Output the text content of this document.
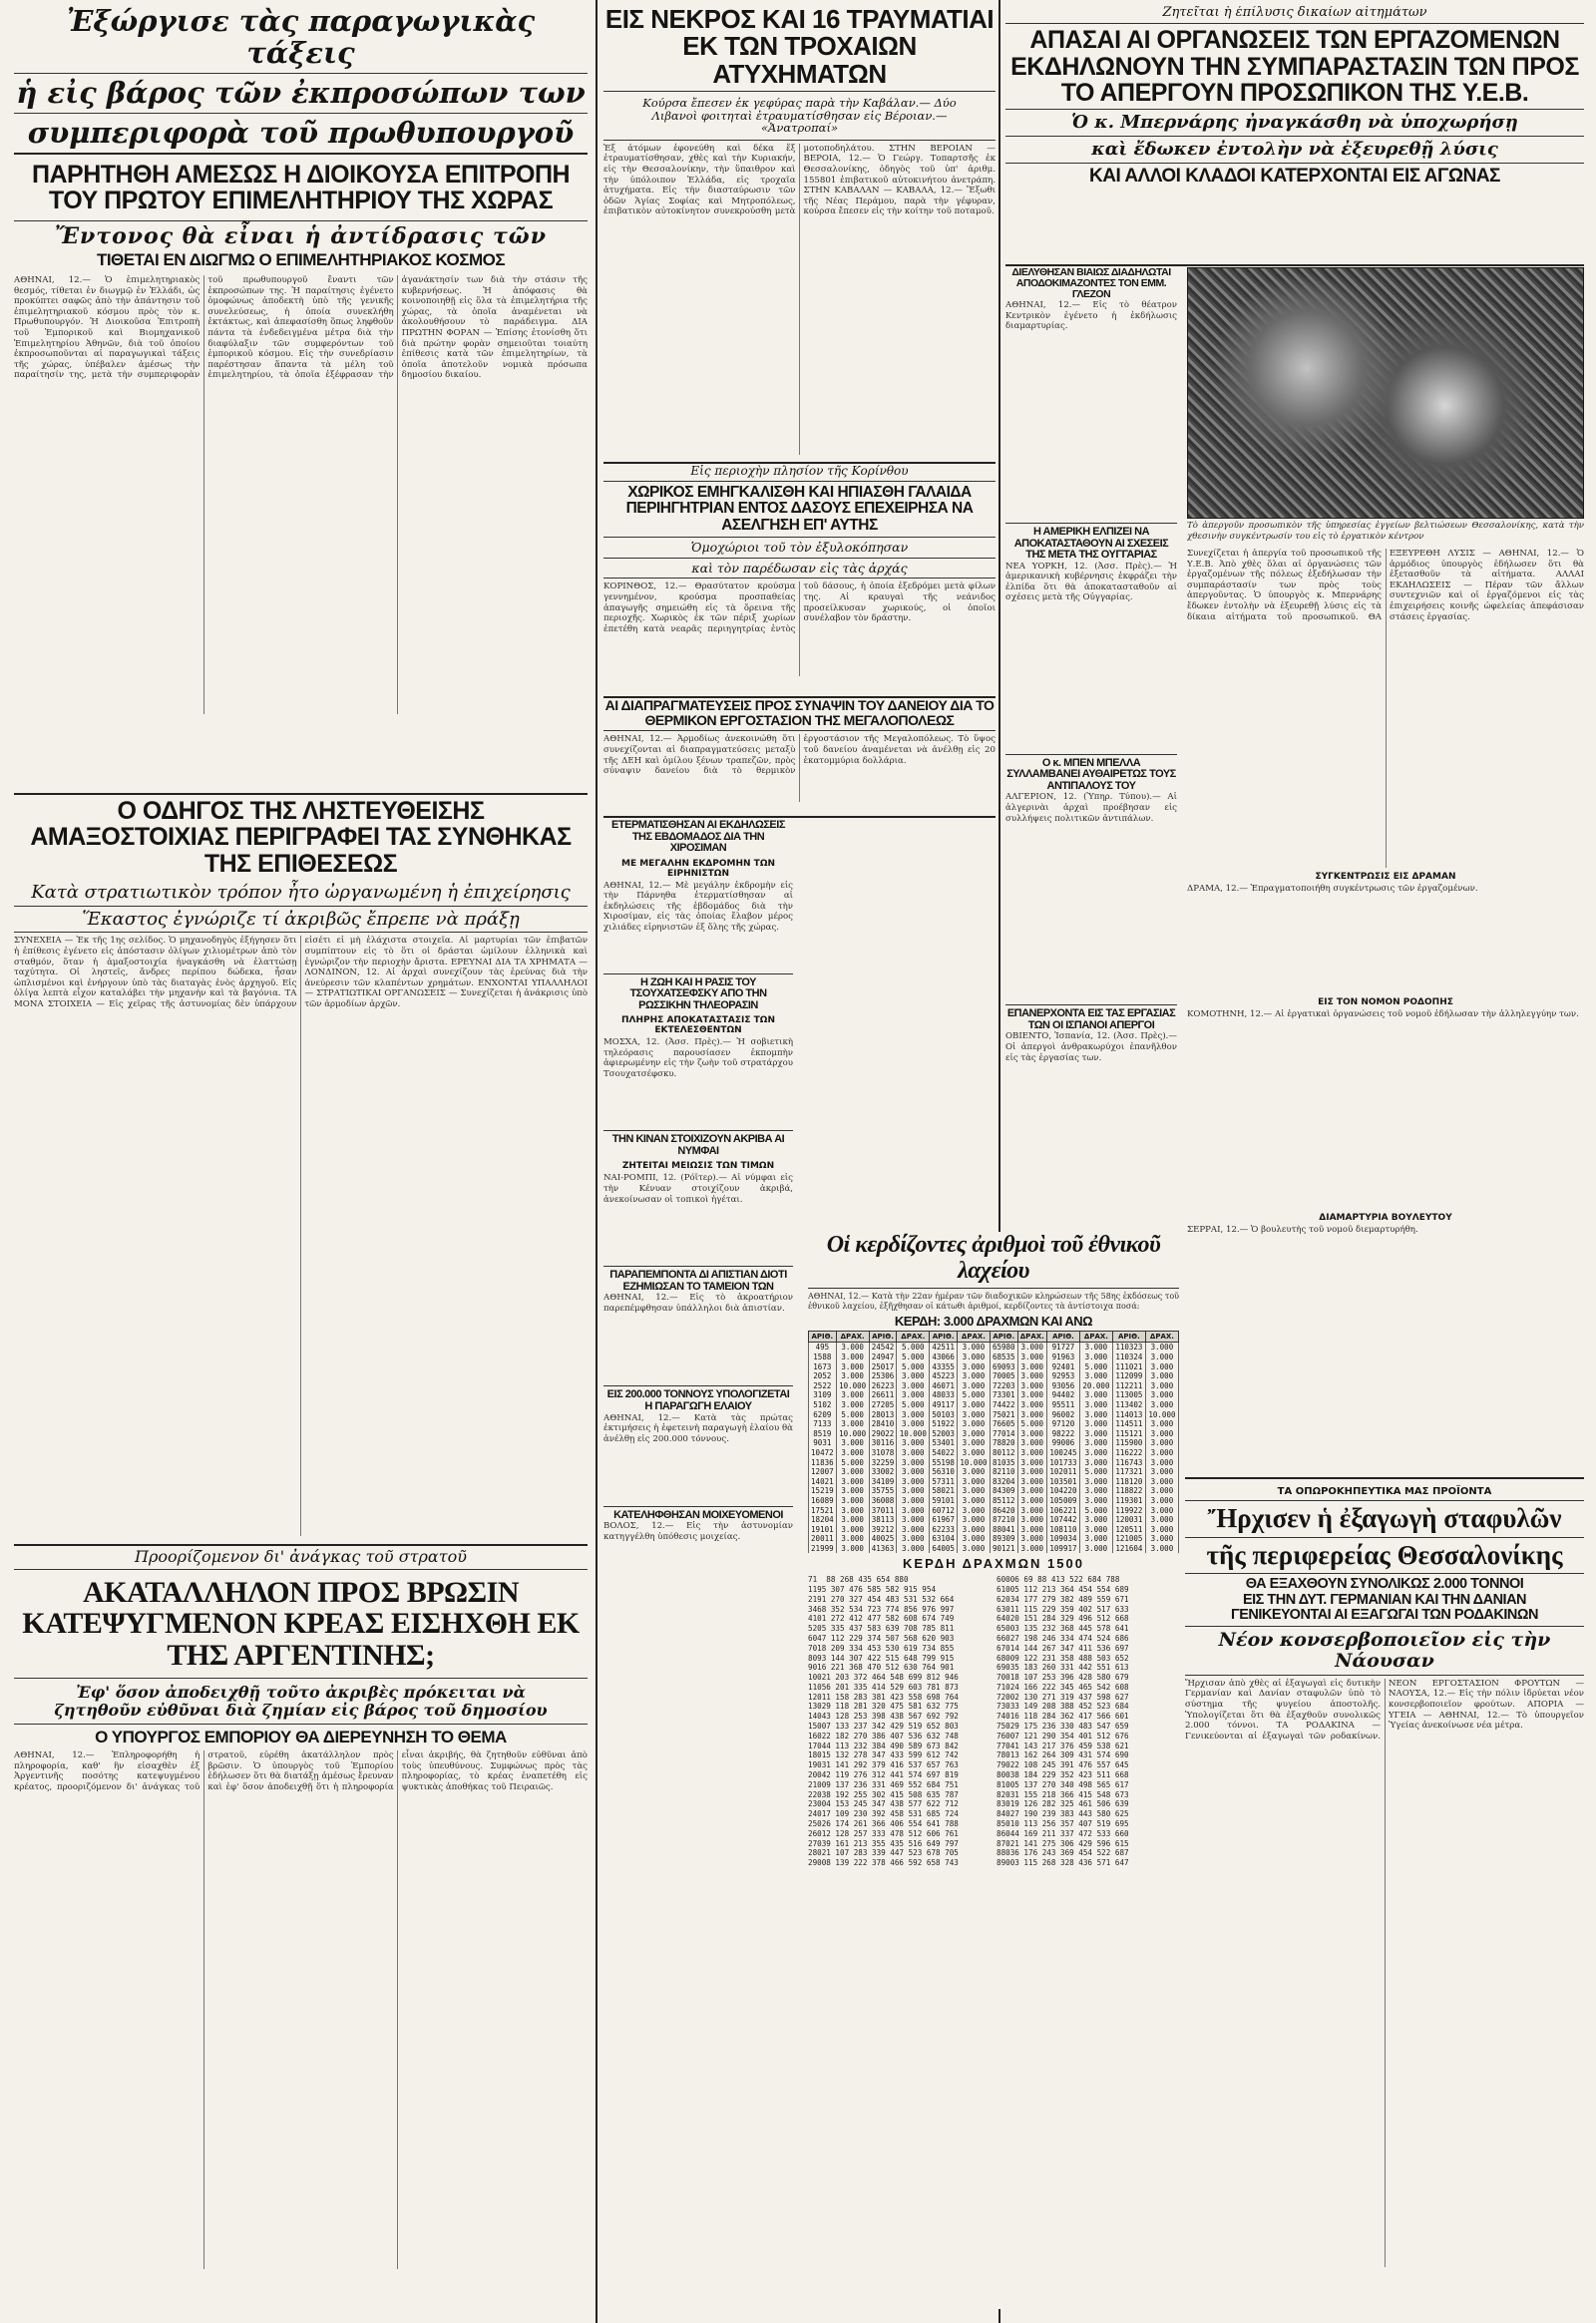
Ἐξώργισε τὰς παραγωγικὰς τάξεις

ἡ εἰς βάρος τῶν ἐκπροσώπων των

συμπεριφορὰ τοῦ πρωθυπουργοῦ

ΠΑΡΗΤΗΘΗ ΑΜΕΣΩΣ Η ΔΙΟΙΚΟΥΣΑ ΕΠΙΤΡΟΠΗ ΤΟΥ ΠΡΩΤΟΥ ΕΠΙΜΕΛΗΤΗΡΙΟΥ ΤΗΣ ΧΩΡΑΣ

Ἔντονος θὰ εἶναι ἡ ἀντίδρασις τῶν

ΤΙΘΕΤΑΙ ΕΝ ΔΙΩΓΜΩ Ο ΕΠΙΜΕΛΗΤΗΡΙΑΚΟΣ ΚΟΣΜΟΣ

ΑΘΗΝΑΙ, 12.— Ὁ ἐπιμελητηριακὸς θεσμός, τίθεται ἐν διωγμῷ ἐν Ἑλλάδι, ὡς προκύπτει σαφῶς ἀπὸ τὴν ἀπάντησιν τοῦ ἐπιμελητηριακοῦ κόσμου πρὸς τὸν κ. Πρωθυπουργόν. Ἡ Διοικοῦσα Ἐπιτροπὴ τοῦ Ἐμπορικοῦ καὶ Βιομηχανικοῦ Ἐπιμελητηρίου Ἀθηνῶν, διὰ τοῦ ὁποίου ἐκπροσωποῦνται αἱ παραγωγικαὶ τάξεις τῆς χώρας, ὑπέβαλεν ἀμέσως τὴν παραίτησίν της, μετὰ τὴν συμπεριφορὰν τοῦ πρωθυπουργοῦ ἔναντι τῶν ἐκπροσώπων της. Ἡ παραίτησις ἐγένετο ὁμοφώνως ἀποδεκτὴ ὑπὸ τῆς γενικῆς συνελεύσεως, ἡ ὁποία συνεκλήθη ἐκτάκτως, καὶ ἀπεφασίσθη ὅπως ληφθοῦν πάντα τὰ ἐνδεδειγμένα μέτρα διὰ τὴν διαφύλαξιν τῶν συμφερόντων τοῦ ἐμπορικοῦ κόσμου. Εἰς τὴν συνεδρίασιν παρέστησαν ἅπαντα τὰ μέλη τοῦ ἐπιμελητηρίου, τὰ ὁποῖα ἐξέφρασαν τὴν ἀγανάκτησίν των διὰ τὴν στάσιν τῆς κυβερνήσεως. Ἡ ἀπόφασις θὰ κοινοποιηθῇ εἰς ὅλα τὰ ἐπιμελητήρια τῆς χώρας, τὰ ὁποῖα ἀναμένεται νὰ ἀκολουθήσουν τὸ παράδειγμα. ΔΙΑ ΠΡΩΤΗΝ ΦΟΡΑΝ — Ἐπίσης ἐτονίσθη ὅτι διὰ πρώτην φορὰν σημειοῦται τοιαύτη ἐπίθεσις κατὰ τῶν ἐπιμελητηρίων, τὰ ὁποῖα ἀποτελοῦν νομικὰ πρόσωπα δημοσίου δικαίου.

Ο ΟΔΗΓΟΣ ΤΗΣ ΛΗΣΤΕΥΘΕΙΣΗΣ ΑΜΑΞΟΣΤΟΙΧΙΑΣ ΠΕΡΙΓΡΑΦΕΙ ΤΑΣ ΣΥΝΘΗΚΑΣ ΤΗΣ ΕΠΙΘΕΣΕΩΣ

Κατὰ στρατιωτικὸν τρόπον ἦτο ὠργανωμένη ἡ ἐπιχείρησις

Ἕκαστος ἐγνώριζε τί ἀκριβῶς ἔπρεπε νὰ πράξῃ

ΣΥΝΕΧΕΙΑ — Ἐκ τῆς 1ης σελίδος. Ὁ μηχανοδηγὸς ἐξήγησεν ὅτι ἡ ἐπίθεσις ἐγένετο εἰς ἀπόστασιν ὀλίγων χιλιομέτρων ἀπὸ τὸν σταθμόν, ὅταν ἡ ἀμαξοστοιχία ἠναγκάσθη νὰ ἐλαττώσῃ ταχύτητα. Οἱ ληστεῖς, ἄνδρες περίπου δώδεκα, ἦσαν ὡπλισμένοι καὶ ἐνήργουν ὑπὸ τὰς διαταγὰς ἑνὸς ἀρχηγοῦ. Εἰς ὀλίγα λεπτὰ εἶχον καταλάβει τὴν μηχανὴν καὶ τὰ βαγόνια. ΤΑ ΜΟΝΑ ΣΤΟΙΧΕΙΑ — Εἰς χεῖρας τῆς ἀστυνομίας δὲν ὑπάρχουν εἰσέτι εἰ μὴ ἐλάχιστα στοιχεῖα. Αἱ μαρτυρίαι τῶν ἐπιβατῶν συμπίπτουν εἰς τὸ ὅτι οἱ δράσται ὡμίλουν ἑλληνικὰ καὶ ἐγνώριζον τὴν περιοχὴν ἄριστα. ΕΡΕΥΝΑΙ ΔΙΑ ΤΑ ΧΡΗΜΑΤΑ — ΛΟΝΔΙΝΟΝ, 12. Αἱ ἀρχαὶ συνεχίζουν τὰς ἐρεύνας διὰ τὴν ἀνεύρεσιν τῶν κλαπέντων χρημάτων. ΕΝΧΟΝΤΑΙ ΥΠΑΛΛΗΛΟΙ — ΣΤΡΑΤΙΩΤΙΚΑΙ ΟΡΓΑΝΩΣΕΙΣ — Συνεχίζεται ἡ ἀνάκρισις ὑπὸ τῶν ἁρμοδίων ἀρχῶν.

Προορίζομενον δι' ἀνάγκας τοῦ στρατοῦ

ΑΚΑΤΑΛΛΗΛΟΝ ΠΡΟΣ ΒΡΩΣΙΝ ΚΑΤΕΨΥΓΜΕΝΟΝ ΚΡΕΑΣ ΕΙΣΗΧΘΗ ΕΚ ΤΗΣ ΑΡΓΕΝΤΙΝΗΣ;

Ἐφ' ὅσον ἀποδειχθῇ τοῦτο ἀκριβὲς πρόκειται νὰ ζητηθοῦν εὐθῦναι διὰ ζημίαν εἰς βάρος τοῦ δημοσίου

Ο ΥΠΟΥΡΓΟΣ ΕΜΠΟΡΙΟΥ ΘΑ ΔΙΕΡΕΥΝΗΣΗ ΤΟ ΘΕΜΑ

ΑΘΗΝΑΙ, 12.— Ἐπληροφορήθη ἡ πληροφορία, καθ' ἣν εἰσαχθὲν ἐξ Ἀργεντινῆς ποσότης κατεψυγμένου κρέατος, προοριζόμενον δι' ἀνάγκας τοῦ στρατοῦ, εὑρέθη ἀκατάλληλον πρὸς βρῶσιν. Ὁ ὑπουργὸς τοῦ Ἐμπορίου ἐδήλωσεν ὅτι θὰ διατάξῃ ἀμέσως ἔρευναν καὶ ἐφ' ὅσον ἀποδειχθῇ ὅτι ἡ πληροφορία εἶναι ἀκριβής, θὰ ζητηθοῦν εὐθῦναι ἀπὸ τοὺς ὑπευθύνους. Συμφώνως πρὸς τὰς πληροφορίας, τὸ κρέας ἐναπετέθη εἰς ψυκτικὰς ἀποθήκας τοῦ Πειραιῶς.

ΕΙΣ ΝΕΚΡΟΣ ΚΑΙ 16 ΤΡΑΥΜΑΤΙΑΙ ΕΚ ΤΩΝ ΤΡΟΧΑΙΩΝ ΑΤΥΧΗΜΑΤΩΝ

Κούρσα ἔπεσεν ἐκ γεφύρας παρὰ τὴν Καβάλαν.— Δύο Λιβανοὶ φοιτηταὶ ἐτραυματίσθησαν εἰς Βέροιαν.— «Ἀνατροπαί»

Ἐξ ἀτόμων ἐφονεύθη καὶ δέκα ἕξ ἐτραυματίσθησαν, χθὲς καὶ τὴν Κυριακήν, εἰς τὴν Θεσσαλονίκην, τὴν ὕπαιθρον καὶ τὴν ὑπόλοιπον Ἑλλάδα, εἰς τροχαῖα ἀτυχήματα. Εἰς τὴν διασταύρωσιν τῶν ὁδῶν Ἁγίας Σοφίας καὶ Μητροπόλεως, ἐπιβατικὸν αὐτοκίνητον συνεκρούσθη μετὰ μοτοποδηλάτου. ΣΤΗΝ ΒΕΡΟΙΑΝ — ΒΕΡΟΙΑ, 12.— Ὁ Γεώργ. Τοπαρτσῆς ἐκ Θεσσαλονίκης, ὁδηγὸς τοῦ ὑπ' ἀριθμ. 155801 ἐπιβατικοῦ αὐτοκινήτου ἀνετράπη. ΣΤΗΝ ΚΑΒΑΛΑΝ — ΚΑΒΑΛΑ, 12.— Ἔξωθι τῆς Νέας Περάμου, παρὰ τὴν γέφυραν, κούρσα ἔπεσεν εἰς τὴν κοίτην τοῦ ποταμοῦ.

Εἰς περιοχὴν πλησίον τῆς Κορίνθου

ΧΩΡΙΚΟΣ ΕΜΗΓΚΑΛΙΣΘΗ ΚΑΙ ΗΠΙΑΣΘΗ ΓΑΛΑΙΔΑ ΠΕΡΙΗΓΗΤΡΙΑΝ ΕΝΤΟΣ ΔΑΣΟΥΣ ΕΠΕΧΕΙΡΗΣΑ ΝΑ ΑΣΕΛΓΗΣΗ ΕΠ' ΑΥΤΗΣ

Ὁμοχώριοι τοῦ τὸν ἐξυλοκόπησαν

καὶ τὸν παρέδωσαν εἰς τὰς ἀρχάς

ΚΟΡΙΝΘΟΣ, 12.— Θρασύτατον κρούσμα γεννημένον, κρούσμα προσπαθείας ἀπαγωγῆς σημειώθη εἰς τὰ ὄρεινα τῆς περιοχῆς. Χωρικὸς ἐκ τῶν πέριξ χωρίων ἐπετέθη κατὰ νεαρᾶς περιηγητρίας ἐντὸς τοῦ δάσους, ἡ ὁποία ἐξεδρόμει μετὰ φίλων της. Αἱ κραυγαὶ τῆς νεάνιδος προσείλκυσαν χωρικούς, οἱ ὁποῖοι συνέλαβον τὸν δράστην.

ΑΙ ΔΙΑΠΡΑΓΜΑΤΕΥΣΕΙΣ ΠΡΟΣ ΣΥΝΑΨΙΝ ΤΟΥ ΔΑΝΕΙΟΥ ΔΙΑ ΤΟ ΘΕΡΜΙΚΟΝ ΕΡΓΟΣΤΑΣΙΟΝ ΤΗΣ ΜΕΓΑΛΟΠΟΛΕΩΣ

ΑΘΗΝΑΙ, 12.— Ἀρμοδίως ἀνεκοινώθη ὅτι συνεχίζονται αἱ διαπραγματεύσεις μεταξὺ τῆς ΔΕΗ καὶ ὁμίλου ξένων τραπεζῶν, πρὸς σύναψιν δανείου διὰ τὸ θερμικὸν ἐργοστάσιον τῆς Μεγαλοπόλεως. Τὸ ὕψος τοῦ δανείου ἀναμένεται νὰ ἀνέλθῃ εἰς 20 ἑκατομμύρια δολλάρια.

ΕΤΕΡΜΑΤΙΣΘΗΣΑΝ ΑΙ ΕΚΔΗΛΩΣΕΙΣ ΤΗΣ ΕΒΔΟΜΑΔΟΣ ΔΙΑ ΤΗΝ ΧΙΡΟΣΙΜΑΝ

ΜΕ ΜΕΓΑΛΗΝ ΕΚΔΡΟΜΗΝ ΤΩΝ ΕΙΡΗΝΙΣΤΩΝ

ΑΘΗΝΑΙ, 12.— Μὲ μεγάλην ἐκδρομὴν εἰς τὴν Πάρνηθα ἐτερματίσθησαν αἱ ἐκδηλώσεις τῆς ἑβδομάδος διὰ τὴν Χιροσίμαν, εἰς τὰς ὁποίας ἔλαβον μέρος χιλιάδες εἰρηνιστῶν ἐξ ὅλης τῆς χώρας.

Η ΖΩΗ ΚΑΙ Η ΡΑΣΙΣ ΤΟΥ ΤΣΟΥΧΑΤΣΕΦΣΚΥ ΑΠΟ ΤΗΝ ΡΩΣΣΙΚΗΝ ΤΗΛΕΟΡΑΣΙΝ

ΠΛΗΡΗΣ ΑΠΟΚΑΤΑΣΤΑΣΙΣ ΤΩΝ ΕΚΤΕΛΕΣΘΕΝΤΩΝ

ΜΟΣΧΑ, 12. (Ἀσσ. Πρὲς).— Ἡ σοβιετικὴ τηλεόρασις παρουσίασεν ἐκπομπὴν ἀφιερωμένην εἰς τὴν ζωὴν τοῦ στρατάρχου Τσουχατσέφσκυ.

ΤΗΝ ΚΙΝΑΝ ΣΤΟΙΧΙΖΟΥΝ ΑΚΡΙΒΑ ΑΙ ΝΥΜΦΑΙ

ΖΗΤΕΙΤΑΙ ΜΕΙΩΣΙΣ ΤΩΝ ΤΙΜΩΝ

ΝΑΙ-ΡΟΜΠΙ, 12. (Ρόϊτερ).— Αἱ νύμφαι εἰς τὴν Κένυαν στοιχίζουν ἀκριβά, ἀνεκοίνωσαν οἱ τοπικοὶ ἡγέται.

ΠΑΡΑΠΕΜΠΟΝΤΑ ΔΙ ΑΠΙΣΤΙΑΝ ΔΙΟΤΙ ΕΖΗΜΙΩΣΑΝ ΤΟ ΤΑΜΕΙΟΝ ΤΩΝ

ΑΘΗΝΑΙ, 12.— Εἰς τὸ ἀκροατήριον παρεπέμφθησαν ὑπάλληλοι διὰ ἀπιστίαν.

ΕΙΣ 200.000 ΤΟΝΝΟΥΣ ΥΠΟΛΟΓΙΖΕΤΑΙ Η ΠΑΡΑΓΩΓΗ ΕΛΑΙΟΥ

ΑΘΗΝΑΙ, 12.— Κατὰ τὰς πρώτας ἐκτιμήσεις ἡ ἐφετεινὴ παραγωγὴ ἐλαίου θὰ ἀνέλθῃ εἰς 200.000 τόννους.

ΚΑΤΕΛΗΦΘΗΣΑΝ ΜΟΙΧΕΥΟΜΕΝΟΙ

ΒΟΛΟΣ, 12.— Εἰς τὴν ἀστυνομίαν κατηγγέλθη ὑπόθεσις μοιχείας.

Οἱ κερδίζοντες ἀριθμοὶ τοῦ ἐθνικοῦ λαχείου

ΑΘΗΝΑΙ, 12.— Κατὰ τὴν 22αν ἡμέραν τῶν διαδοχικῶν κληρώσεων τῆς 58ης ἐκδόσεως τοῦ ἐθνικοῦ λαχείου, ἐξῆχθησαν οἱ κάτωθι ἀριθμοί, κερδίζοντες τὰ ἀντίστοιχα ποσά:

ΚΕΡΔΗ: 3.000 ΔΡΑΧΜΩΝ ΚΑΙ ΑΝΩ

ΑΡΙΘ.	ΔΡΑΧ.	ΑΡΙΘ.	ΔΡΑΧ.	ΑΡΙΘ.	ΔΡΑΧ.	ΑΡΙΘ.	ΔΡΑΧ.	ΑΡΙΘ.	ΔΡΑΧ.	ΑΡΙΘ.	ΔΡΑΧ.
495	3.000	24542	5.000	42511	3.000	65980	3.000	91727	3.000	110323	3.000
1588	3.000	24947	5.000	43066	3.000	68535	3.000	91963	3.000	110324	3.000
1673	3.000	25017	5.000	43355	3.000	69093	3.000	92401	5.000	111021	3.000
2052	3.000	25306	3.000	45223	3.000	70005	3.000	92953	3.000	112099	3.000
2522	10.000	26223	3.000	46071	3.000	72203	3.000	93056	20.000	112211	3.000
3109	3.000	26611	3.000	48033	5.000	73301	3.000	94402	3.000	113005	3.000
5102	3.000	27205	5.000	49117	3.000	74422	3.000	95511	3.000	113402	3.000
6209	5.000	28013	3.000	50103	3.000	75021	3.000	96002	3.000	114013	10.000
7133	3.000	28410	3.000	51922	3.000	76605	5.000	97120	3.000	114511	3.000
8519	10.000	29022	10.000	52003	3.000	77014	3.000	98222	3.000	115121	3.000
9031	3.000	30116	3.000	53401	3.000	78820	3.000	99006	3.000	115900	3.000
10472	3.000	31078	3.000	54022	3.000	80112	3.000	100245	3.000	116222	3.000
11836	5.000	32259	3.000	55198	10.000	81035	3.000	101733	3.000	116743	3.000
12007	3.000	33002	3.000	56310	3.000	82110	3.000	102011	5.000	117321	3.000
14021	3.000	34109	3.000	57311	3.000	83204	3.000	103501	3.000	118120	3.000
15219	3.000	35755	3.000	58021	3.000	84309	3.000	104220	3.000	118822	3.000
16089	3.000	36008	3.000	59101	3.000	85112	3.000	105009	3.000	119301	3.000
17521	3.000	37011	3.000	60712	3.000	86420	3.000	106221	5.000	119922	3.000
18204	3.000	38113	3.000	61967	3.000	87210	3.000	107442	3.000	120031	3.000
19101	3.000	39212	3.000	62233	3.000	88041	3.000	108110	3.000	120511	3.000
20011	3.000	40025	3.000	63104	3.000	89309	3.000	109034	3.000	121005	3.000
21999	3.000	41363	3.000	64005	3.000	90121	3.000	109917	3.000	121604	3.000

ΚΕΡΔΗ ΔΡΑΧΜΩΝ 1500

71  88 268 435 654 880
1195 307 476 585 582 915 954
2191 270 327 454 483 531 532 664
3468 352 534 723 774 856 976 997
4101 272 412 477 582 608 674 749
5205 335 437 583 639 708 785 811
6047 112 229 374 507 568 620 903
7018 209 334 453 530 619 734 855
8093 144 307 422 515 648 799 915
9016 221 368 470 512 630 764 901
10021 203 372 464 548 699 812 946
11056 201 335 414 529 603 781 873
12011 158 283 381 423 558 698 764
13029 118 281 320 475 581 632 775
14043 128 253 398 438 567 692 792
15007 133 237 342 429 519 652 803
16022 182 270 386 407 536 632 748
17044 113 232 384 490 589 673 842
18015 132 278 347 433 599 612 742
19031 141 292 379 416 537 657 763
20042 119 276 312 441 574 697 819
21009 137 236 331 469 552 684 751
22038 192 255 302 415 508 635 787
23004 153 245 347 438 577 622 712
24017 109 230 392 458 531 685 724
25026 174 261 366 406 554 641 788
26012 128 257 333 478 512 606 761
27039 161 213 355 435 516 649 797
28021 107 283 339 447 523 678 705
29008 139 222 378 466 592 658 743

60006 69 88 413 522 684 788
61005 112 213 364 454 554 689
62034 177 279 382 489 559 671
63011 115 229 359 402 517 633
64020 151 284 329 496 512 668
65003 135 232 368 445 578 641
66027 198 246 334 474 524 686
67014 144 267 347 411 536 697
68009 122 231 358 488 503 652
69035 183 260 331 442 551 613
70018 107 253 396 428 580 679
71024 166 222 345 465 542 608
72002 130 271 319 437 598 627
73033 149 208 388 452 523 684
74016 118 284 362 417 566 601
75029 175 236 330 483 547 659
76007 121 290 354 401 512 676
77041 143 217 376 459 538 621
78013 162 264 309 431 574 690
79022 108 245 391 476 557 645
80038 184 229 352 423 511 668
81005 137 270 340 498 565 617
82031 155 218 366 415 548 673
83019 126 282 325 461 506 639
84027 190 239 383 443 580 625
85010 113 256 357 407 519 695
86044 169 211 337 472 533 660
87021 141 275 306 429 596 615
88036 176 243 369 454 522 687
89003 115 268 328 436 571 647

Ζητεῖται ἡ ἐπίλυσις δικαίων αἰτημάτων

ΑΠΑΣΑΙ ΑΙ ΟΡΓΑΝΩΣΕΙΣ ΤΩΝ ΕΡΓΑΖΟΜΕΝΩΝ ΕΚΔΗΛΩΝΟΥΝ ΤΗΝ ΣΥΜΠΑΡΑΣΤΑΣΙΝ ΤΩΝ ΠΡΟΣ ΤΟ ΑΠΕΡΓΟΥΝ ΠΡΟΣΩΠΙΚΟΝ ΤΗΣ Υ.Ε.Β.

Ὁ κ. Μπερνάρης ἠναγκάσθη νὰ ὑποχωρήσῃ

καὶ ἔδωκεν ἐντολὴν νὰ ἐξευρεθῇ λύσις

ΚΑΙ ΑΛΛΟΙ ΚΛΑΔΟΙ ΚΑΤΕΡΧΟΝΤΑΙ ΕΙΣ ΑΓΩΝΑΣ

ΔΙΕΛΥΘΗΣΑΝ ΒΙΑΙΩΣ ΔΙΑΔΗΛΩΤΑΙ ΑΠΟΔΟΚΙΜΑΖΟΝΤΕΣ ΤΟΝ ΕΜΜ. ΓΛΕΖΟΝ

ΑΘΗΝΑΙ, 12.— Εἰς τὸ θέατρον Κεντρικὸν ἐγένετο ἡ ἐκδήλωσις διαμαρτυρίας.

Η ΑΜΕΡΙΚΗ ΕΛΠΙΖΕΙ ΝΑ ΑΠΟΚΑΤΑΣΤΑΘΟΥΝ ΑΙ ΣΧΕΣΕΙΣ ΤΗΣ ΜΕΤΑ ΤΗΣ ΟΥΓΓΑΡΙΑΣ

ΝΕΑ ΥΟΡΚΗ, 12. (Ἀσσ. Πρὲς).— Ἡ ἀμερικανικὴ κυβέρνησις ἐκφράζει τὴν ἐλπίδα ὅτι θὰ ἀποκατασταθοῦν αἱ σχέσεις μετὰ τῆς Οὐγγαρίας.

Ο κ. ΜΠΕΝ ΜΠΕΛΛΑ ΣΥΛΛΑΜΒΑΝΕΙ ΑΥΘΑΙΡΕΤΩΣ ΤΟΥΣ ΑΝΤΙΠΑΛΟΥΣ ΤΟΥ

ΑΛΓΕΡΙΟΝ, 12. (Ὑπηρ. Τύπου).— Αἱ ἀλγερινὰι ἀρχαὶ προέβησαν εἰς συλλήψεις πολιτικῶν ἀντιπάλων.

ΕΠΑΝΕΡΧΟΝΤΑ ΕΙΣ ΤΑΣ ΕΡΓΑΣΙΑΣ ΤΩΝ ΟΙ ΙΣΠΑΝΟΙ ΑΠΕΡΓΟΙ

ΟΒΙΕΝΤΟ, Ἰσπανία, 12. (Ἀσσ. Πρὲς).— Οἱ ἀπεργοὶ ἀνθρακωρύχοι ἐπανῆλθον εἰς τὰς ἐργασίας των.

Τὸ ἀπεργοῦν προσωπικὸν τῆς ὑπηρεσίας ἐγγείων βελτιώσεων Θεσσαλονίκης, κατὰ τὴν χθεσινὴν συγκέντρωσίν του εἰς τὸ ἐργατικὸν κέντρον

Συνεχίζεται ἡ ἀπεργία τοῦ προσωπικοῦ τῆς Υ.Ε.Β. Ἀπὸ χθὲς ὅλαι αἱ ὀργανώσεις τῶν ἐργαζομένων τῆς πόλεως ἐξεδήλωσαν τὴν συμπαράστασίν των πρὸς τοὺς ἀπεργοῦντας. Ὁ ὑπουργὸς κ. Μπερνάρης ἔδωκεν ἐντολὴν νὰ ἐξευρεθῇ λύσις εἰς τὰ δίκαια αἰτήματα τοῦ προσωπικοῦ. ΘΑ ΕΞΕΥΡΕΘΗ ΛΥΣΙΣ — ΑΘΗΝΑΙ, 12.— Ὁ ἀρμόδιος ὑπουργὸς ἐδήλωσεν ὅτι θὰ ἐξετασθοῦν τὰ αἰτήματα. ΑΛΛΑΙ ΕΚΔΗΛΩΣΕΙΣ — Πέραν τῶν ἄλλων συντεχνιῶν καὶ οἱ ἐργαζόμενοι εἰς τὰς ἐπιχειρήσεις κοινῆς ὠφελείας ἀπεφάσισαν στάσεις ἐργασίας.

ΣΥΓΚΕΝΤΡΩΣΙΣ ΕΙΣ ΔΡΑΜΑΝ

ΔΡΑΜΑ, 12.— Ἐπραγματοποιήθη συγκέντρωσις τῶν ἐργαζομένων.

ΕΙΣ ΤΟΝ ΝΟΜΟΝ ΡΟΔΟΠΗΣ

ΚΟΜΟΤΗΝΗ, 12.— Αἱ ἐργατικαὶ ὀργανώσεις τοῦ νομοῦ ἐδήλωσαν τὴν ἀλληλεγγύην των.

ΔΙΑΜΑΡΤΥΡΙΑ ΒΟΥΛΕΥΤΟΥ

ΣΕΡΡΑΙ, 12.— Ὁ βουλευτὴς τοῦ νομοῦ διεμαρτυρήθη.

ΤΑ ΟΠΩΡΟΚΗΠΕΥΤΙΚΑ ΜΑΣ ΠΡΟΪΟΝΤΑ

Ἤρχισεν ἡ ἐξαγωγὴ σταφυλῶν

τῆς περιφερείας Θεσσαλονίκης

ΘΑ ΕΞΑΧΘΟΥΝ ΣΥΝΟΛΙΚΩΣ 2.000 ΤΟΝΝΟΙ

ΕΙΣ ΤΗΝ ΔΥΤ. ΓΕΡΜΑΝΙΑΝ ΚΑΙ ΤΗΝ ΔΑΝΙΑΝ

ΓΕΝΙΚΕΥΟΝΤΑΙ ΑΙ ΕΞΑΓΩΓΑΙ ΤΩΝ ΡΟΔΑΚΙΝΩΝ

Νέον κονσερβοποιεῖον εἰς τὴν Νάουσαν

Ἤρχισαν ἀπὸ χθὲς αἱ ἐξαγωγαὶ εἰς δυτικὴν Γερμανίαν καὶ Δανίαν σταφυλῶν ὑπὸ τὸ σύστημα τῆς ψυγείου ἀποστολῆς. Ὑπολογίζεται ὅτι θὰ ἐξαχθοῦν συνολικῶς 2.000 τόννοι. ΤΑ ΡΟΔΑΚΙΝΑ — Γενικεύονται αἱ ἐξαγωγαὶ τῶν ροδακίνων. ΝΕΟΝ ΕΡΓΟΣΤΑΣΙΟΝ ΦΡΟΥΤΩΝ — ΝΑΟΥΣΑ, 12.— Εἰς τὴν πόλιν ἱδρύεται νέον κονσερβοποιεῖον φρούτων. ΑΠΟΡΙΑ — ΥΓΕΙΑ — ΑΘΗΝΑΙ, 12.— Τὸ ὑπουργεῖον Ὑγείας ἀνεκοίνωσε νέα μέτρα.
